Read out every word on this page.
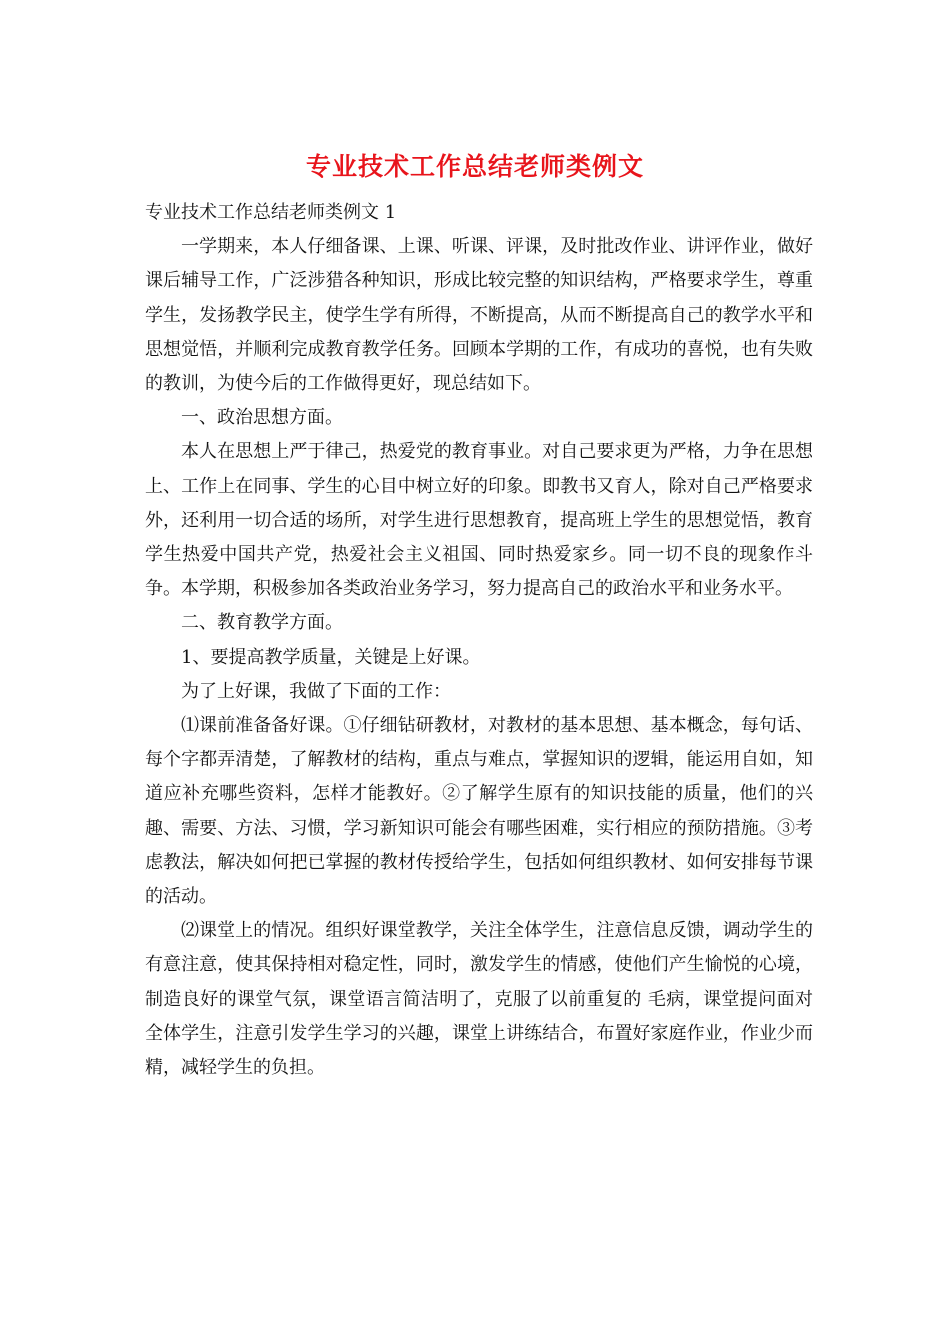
专业技术工作总结老师类例文

专业技术工作总结老师类例文 1

一学期来，本人仔细备课、上课、听课、评课，及时批改作业、讲评作业，做好课后辅导工作，广泛涉猎各种知识，形成比较完整的知识结构，严格要求学生，尊重学生，发扬教学民主，使学生学有所得，不断提高，从而不断提高自己的教学水平和思想觉悟，并顺利完成教育教学任务。回顾本学期的工作，有成功的喜悦，也有失败的教训，为使今后的工作做得更好，现总结如下。

一、政治思想方面。

本人在思想上严于律己，热爱党的教育事业。对自己要求更为严格，力争在思想上、工作上在同事、学生的心目中树立好的印象。即教书又育人，除对自己严格要求外，还利用一切合适的场所，对学生进行思想教育，提高班上学生的思想觉悟，教育学生热爱中国共产党，热爱社会主义祖国、同时热爱家乡。同一切不良的现象作斗争。本学期，积极参加各类政治业务学习，努力提高自己的政治水平和业务水平。

二、教育教学方面。

1、要提高教学质量，关键是上好课。

为了上好课，我做了下面的工作：

⑴课前准备备好课。①仔细钻研教材，对教材的基本思想、基本概念，每句话、每个字都弄清楚，了解教材的结构，重点与难点，掌握知识的逻辑，能运用自如，知道应补充哪些资料，怎样才能教好。②了解学生原有的知识技能的质量，他们的兴趣、需要、方法、习惯，学习新知识可能会有哪些困难，实行相应的预防措施。③考虑教法，解决如何把已掌握的教材传授给学生，包括如何组织教材、如何安排每节课的活动。

⑵课堂上的情况。组织好课堂教学，关注全体学生，注意信息反馈，调动学生的有意注意，使其保持相对稳定性，同时，激发学生的情感，使他们产生愉悦的心境，制造良好的课堂气氛，课堂语言简洁明了，克服了以前重复的 毛病，课堂提问面对全体学生，注意引发学生学习的兴趣，课堂上讲练结合，布置好家庭作业，作业少而精，减轻学生的负担。
